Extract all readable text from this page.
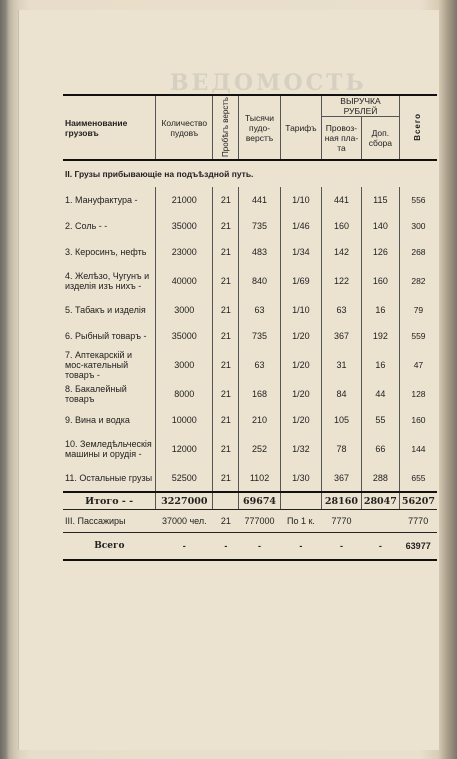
ВЕДОМОСТЬ
Наименование грузовъ	Количество пудовъ	Пробѣгъ верстъ	Тысячи пудо-верстъ	Тарифъ	ВЫРУЧКА РУБЛЕЙ		Всего
					Провоз-ная пла-та	Доп. сбора	
II. Грузы прибывающіе на подъѣздной путь.							
1. Мануфактура -	21000	21	441	1/10	441	115	556
2. Соль - -	35000	21	735	1/46	160	140	300
3. Керосинъ, нефть	23000	21	483	1/34	142	126	268
4. Желѣзо, Чугунъ и изделія изъ нихъ -	40000	21	840	1/69	122	160	282
5. Табакъ и изделія	3000	21	63	1/10	63	16	79
6. Рыбный товаръ -	35000	21	735	1/20	367	192	559
7. Аптекарскій и мос-катeльный товаръ -	3000	21	63	1/20	31	16	47
8. Бакалейный товаръ	8000	21	168	1/20	84	44	128
9. Вина и водка	10000	21	210	1/20	105	55	160
10. Земледѣльческія машины и орудія -	12000	21	252	1/32	78	66	144
11. Остальные грузы	52500	21	1102	1/30	367	288	655
Итого - -	3227000		69674		28160	28047	56207
III. Пассажиры	37000 чел.	21	777000	По 1 к.	7770		7770
Всего	-	-	-	-	-	-	63977
